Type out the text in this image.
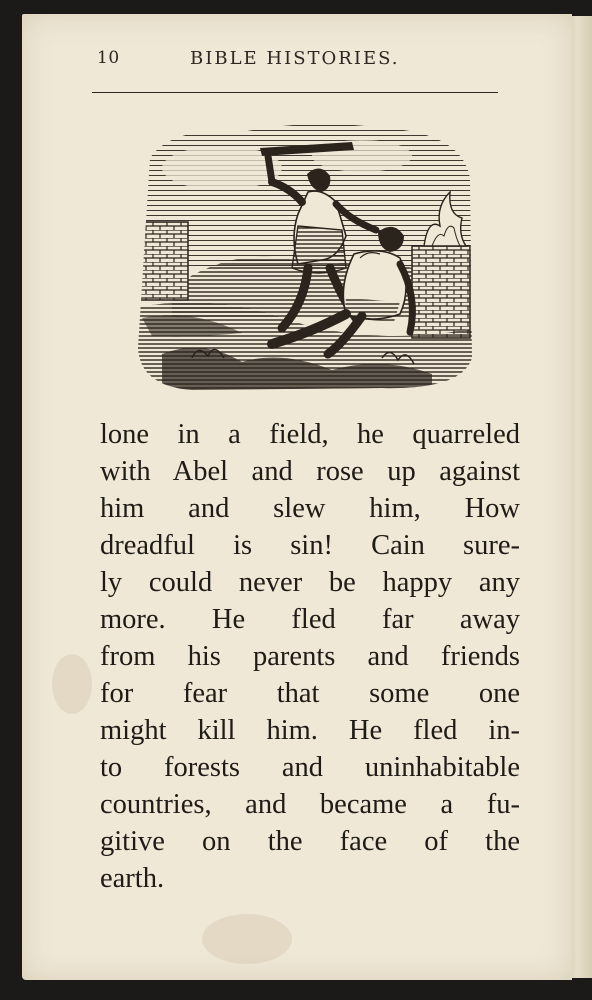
10	BIBLE HISTORIES.
lone in a field, he quarreled
with Abel and rose up against
him and slew him, How
dreadful is sin! Cain sure-
ly could never be happy any
more. He fled far away
from his parents and friends
for fear that some one
might kill him. He fled in-
to forests and uninhabitable
countries, and became a fu-
gitive on the face of the
earth.
